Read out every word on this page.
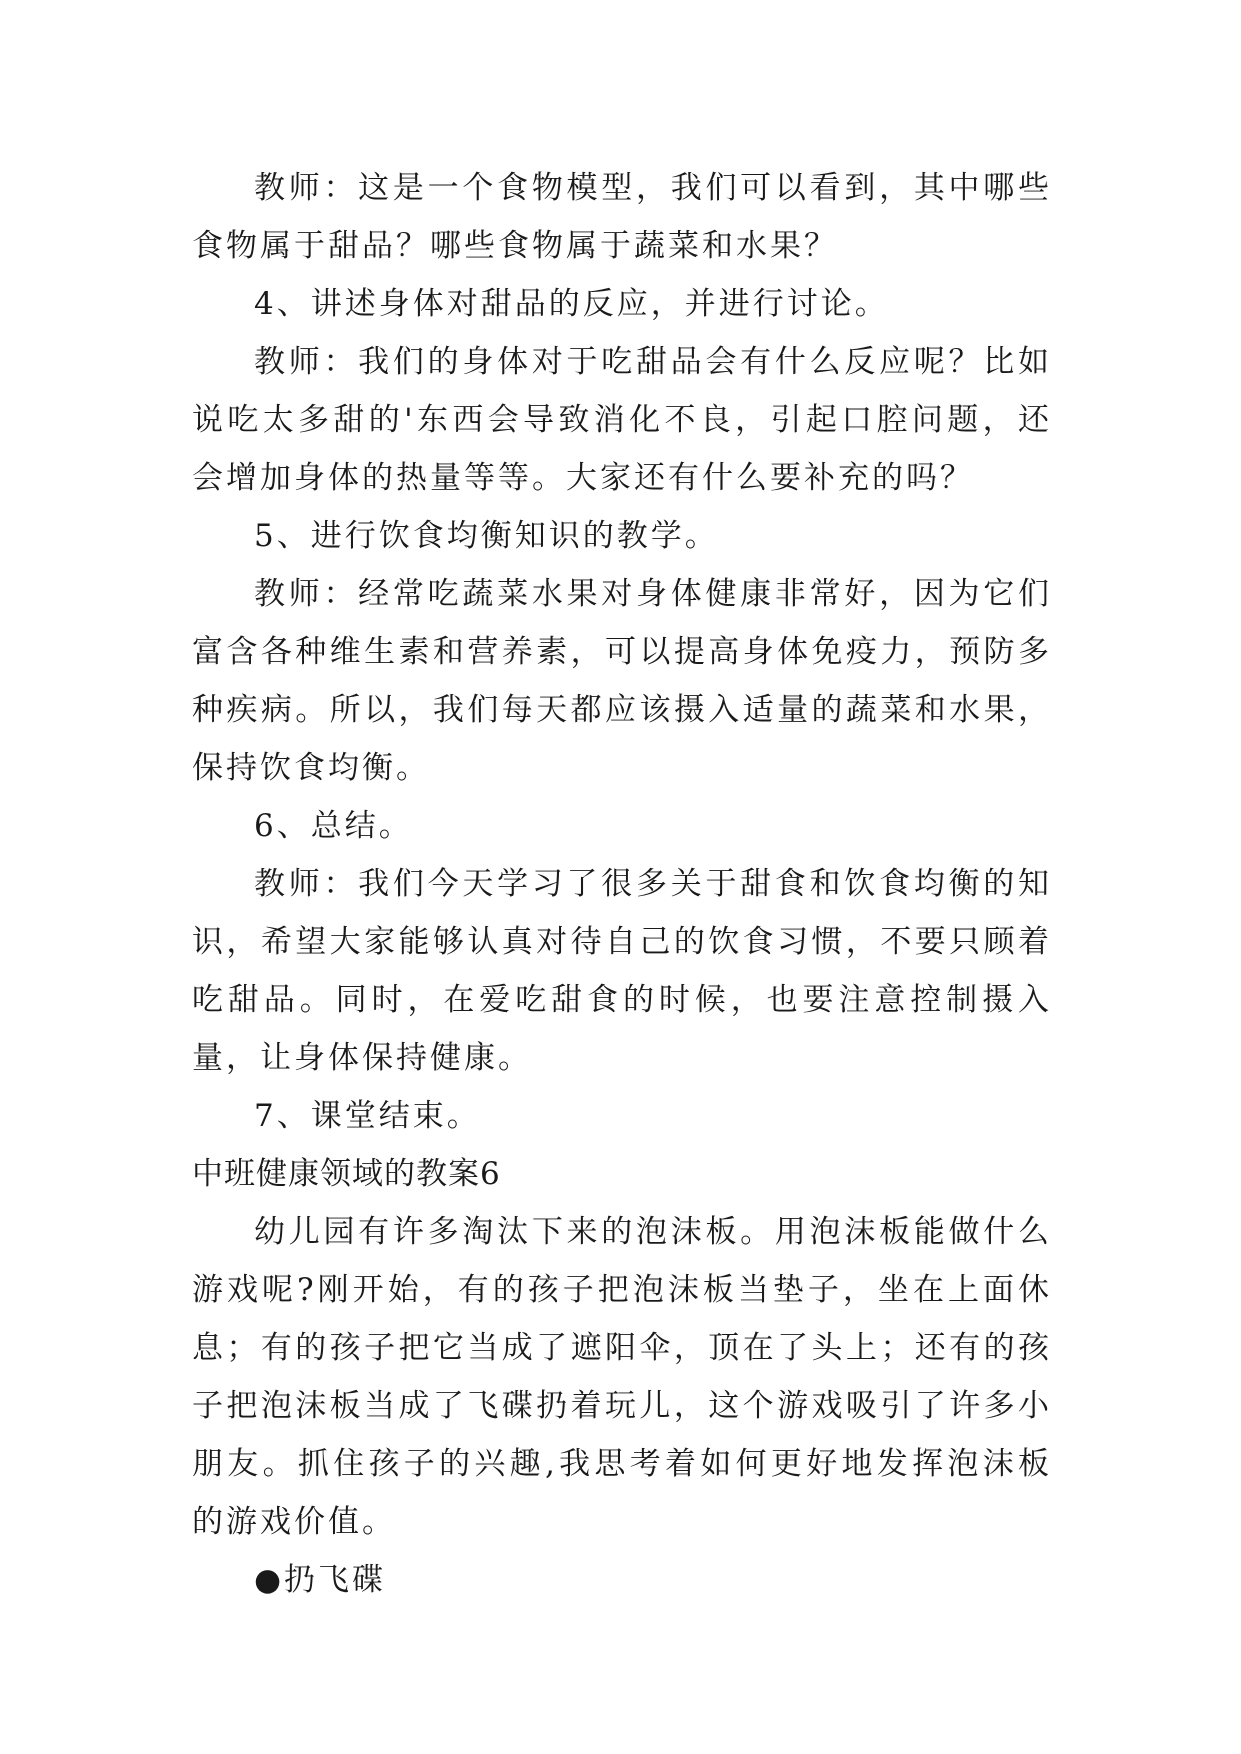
教师：这是一个食物模型，我们可以看到，其中哪些食物属于甜品？哪些食物属于蔬菜和水果？

4、讲述身体对甜品的反应，并进行讨论。

教师：我们的身体对于吃甜品会有什么反应呢？比如说吃太多甜的'东西会导致消化不良，引起口腔问题，还会增加身体的热量等等。大家还有什么要补充的吗？

5、进行饮食均衡知识的教学。

教师：经常吃蔬菜水果对身体健康非常好，因为它们富含各种维生素和营养素，可以提高身体免疫力，预防多种疾病。所以，我们每天都应该摄入适量的蔬菜和水果，保持饮食均衡。

6、总结。

教师：我们今天学习了很多关于甜食和饮食均衡的知识，希望大家能够认真对待自己的饮食习惯，不要只顾着吃甜品。同时，在爱吃甜食的时候，也要注意控制摄入量，让身体保持健康。

7、课堂结束。

中班健康领域的教案6

幼儿园有许多淘汰下来的泡沫板。用泡沫板能做什么游戏呢?刚开始，有的孩子把泡沫板当垫子，坐在上面休息；有的孩子把它当成了遮阳伞，顶在了头上；还有的孩子把泡沫板当成了飞碟扔着玩儿，这个游戏吸引了许多小朋友。抓住孩子的兴趣,我思考着如何更好地发挥泡沫板的游戏价值。

●扔飞碟
